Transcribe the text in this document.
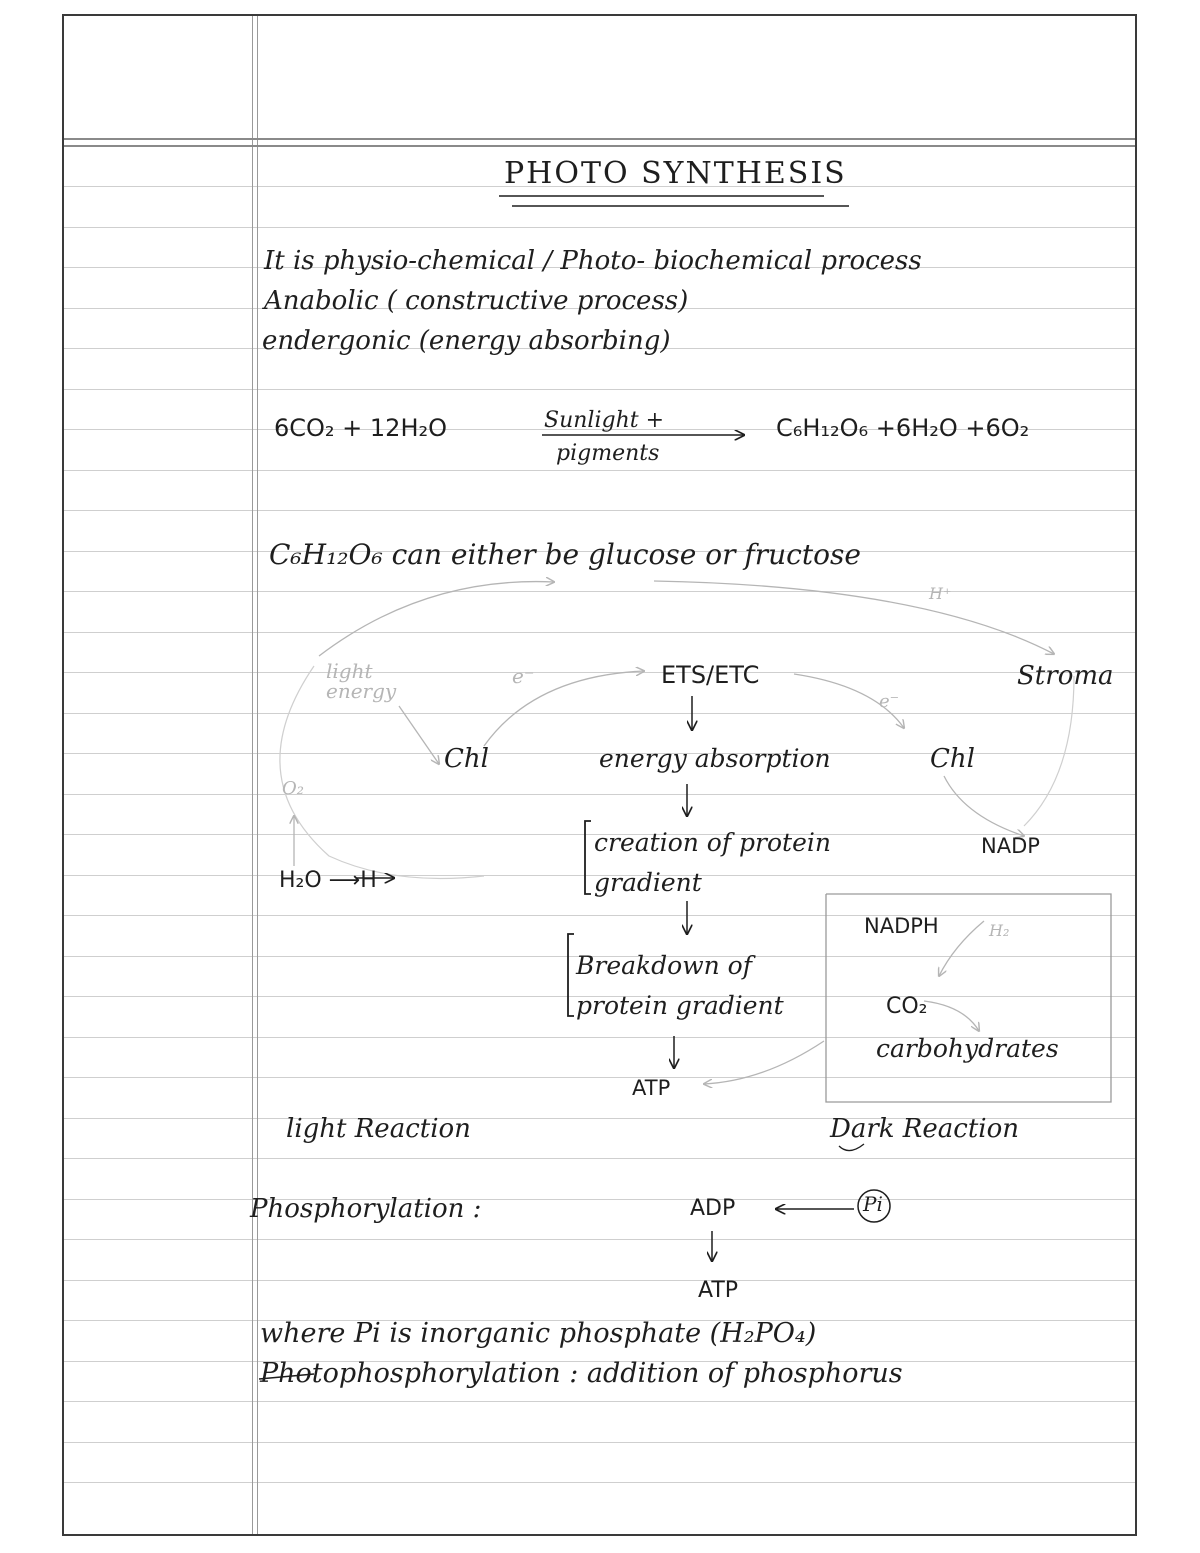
PHOTO SYNTHESIS
It is physio-chemical / Photo- biochemical process
Anabolic ( constructive process)
endergonic (energy absorbing)
6CO₂ + 12H₂O	Sunlight +
pigments
C₆H₁₂O₆ +6H₂O +6O₂
C₆H₁₂O₆ can either be glucose or fructose
light energy
e⁻	ETS/ETC	Stroma
H⁺
e⁻
Chl	energy absorption	Chl
O₂
creation of protein
gradient
NADP
H₂O ⟶H
NADPH	H₂
Breakdown of
protein gradient	CO₂
carbohydrates
ATP
light Reaction	Dark Reaction
Phosphorylation :	ADP	Pi
ATP
where Pi is inorganic phosphate (H₂PO₄)
Photophosphorylation : addition of phosphorus
